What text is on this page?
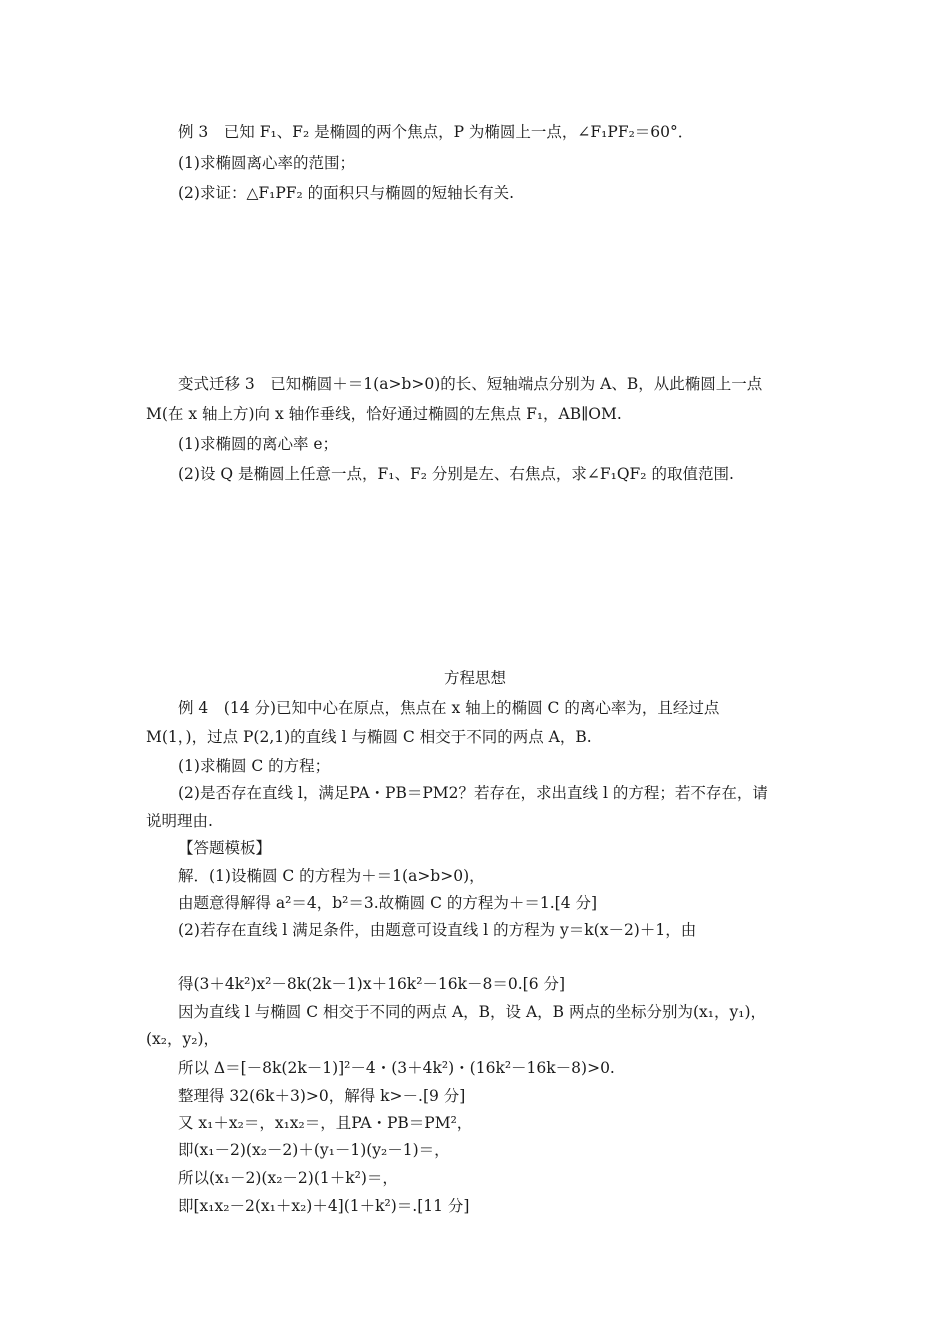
例 3　已知 F₁、F₂ 是椭圆的两个焦点，P 为椭圆上一点，∠F₁PF₂＝60°．
(1)求椭圆离心率的范围；
(2)求证：△F₁PF₂ 的面积只与椭圆的短轴长有关.
变式迁移 3　已知椭圆＋＝1(a>b>0)的长、短轴端点分别为 A、B，从此椭圆上一点
M(在 x 轴上方)向 x 轴作垂线，恰好通过椭圆的左焦点 F₁，AB∥OM.
(1)求椭圆的离心率 e；
(2)设 Q 是椭圆上任意一点，F₁、F₂ 分别是左、右焦点，求∠F₁QF₂ 的取值范围.
方程思想
例 4　(14 分)已知中心在原点，焦点在 x 轴上的椭圆 C 的离心率为，且经过点
M(1，)，过点 P(2,1)的直线 l 与椭圆 C 相交于不同的两点 A，B.
(1)求椭圆 C 的方程；
(2)是否存在直线 l，满足PA・PB＝PM2？若存在，求出直线 l 的方程；若不存在，请
说明理由.
【答题模板】
解．(1)设椭圆 C 的方程为＋＝1(a>b>0)，
由题意得解得 a²＝4，b²＝3.故椭圆 C 的方程为＋＝1.[4 分]
(2)若存在直线 l 满足条件，由题意可设直线 l 的方程为 y＝k(x－2)＋1，由
得(3＋4k²)x²－8k(2k－1)x＋16k²－16k－8＝0.[6 分]
因为直线 l 与椭圆 C 相交于不同的两点 A，B，设 A，B 两点的坐标分别为(x₁，y₁)，
(x₂，y₂)，
所以 Δ＝[－8k(2k－1)]²－4・(3＋4k²)・(16k²－16k－8)>0.
整理得 32(6k＋3)>0，解得 k>－.[9 分]
又 x₁＋x₂＝，x₁x₂＝，且PA・PB＝PM²，
即(x₁－2)(x₂－2)＋(y₁－1)(y₂－1)＝，
所以(x₁－2)(x₂－2)(1＋k²)＝，
即[x₁x₂－2(x₁＋x₂)＋4](1＋k²)＝.[11 分]
